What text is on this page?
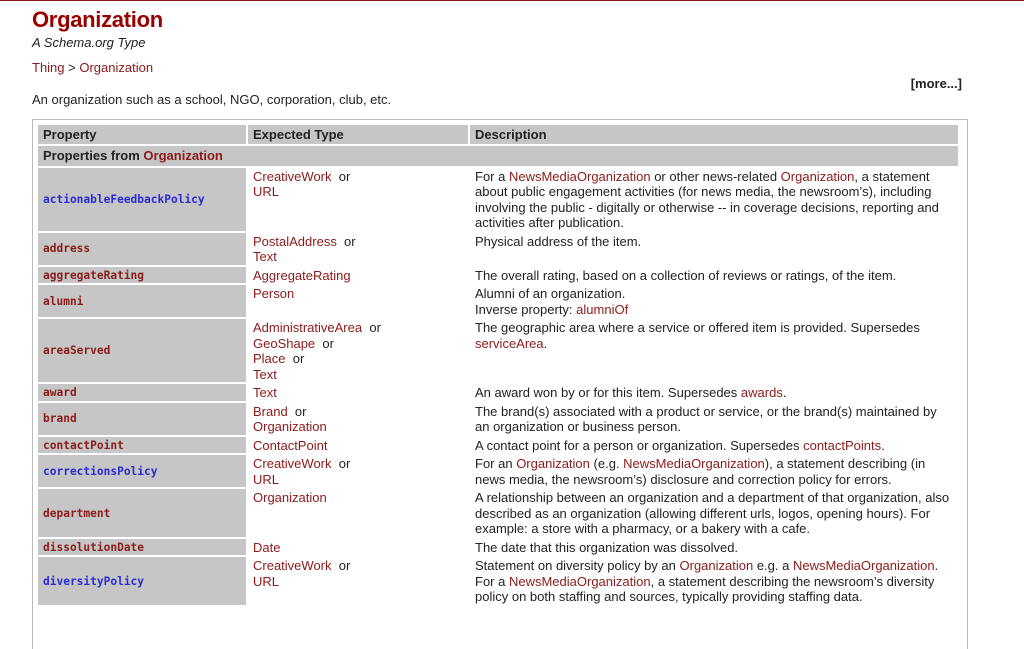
Organization
A Schema.org Type
Thing > Organization
[more...]
An organization such as a school, NGO, corporation, club, etc.
Property	Expected Type	Description
Properties from Organization		
actionableFeedbackPolicy	CreativeWork  or
URL	For a NewsMediaOrganization or other news-related Organization, a statement about public engagement activities (for news media, the newsroom’s), including involving the public - digitally or otherwise -- in coverage decisions, reporting and activities after publication.
address	PostalAddress  or
Text	Physical address of the item.
aggregateRating	AggregateRating	The overall rating, based on a collection of reviews or ratings, of the item.
alumni	Person	Alumni of an organization.
Inverse property: alumniOf
areaServed	AdministrativeArea  or
GeoShape  or
Place  or
Text	The geographic area where a service or offered item is provided. Supersedes serviceArea.
award	Text	An award won by or for this item. Supersedes awards.
brand	Brand  or
Organization	The brand(s) associated with a product or service, or the brand(s) maintained by an organization or business person.
contactPoint	ContactPoint	A contact point for a person or organization. Supersedes contactPoints.
correctionsPolicy	CreativeWork  or
URL	For an Organization (e.g. NewsMediaOrganization), a statement describing (in news media, the newsroom’s) disclosure and correction policy for errors.
department	Organization	A relationship between an organization and a department of that organization, also described as an organization (allowing different urls, logos, opening hours). For example: a store with a pharmacy, or a bakery with a cafe.
dissolutionDate	Date	The date that this organization was dissolved.
diversityPolicy	CreativeWork  or
URL	Statement on diversity policy by an Organization e.g. a NewsMediaOrganization. For a NewsMediaOrganization, a statement describing the newsroom’s diversity policy on both staffing and sources, typically providing staffing data.
